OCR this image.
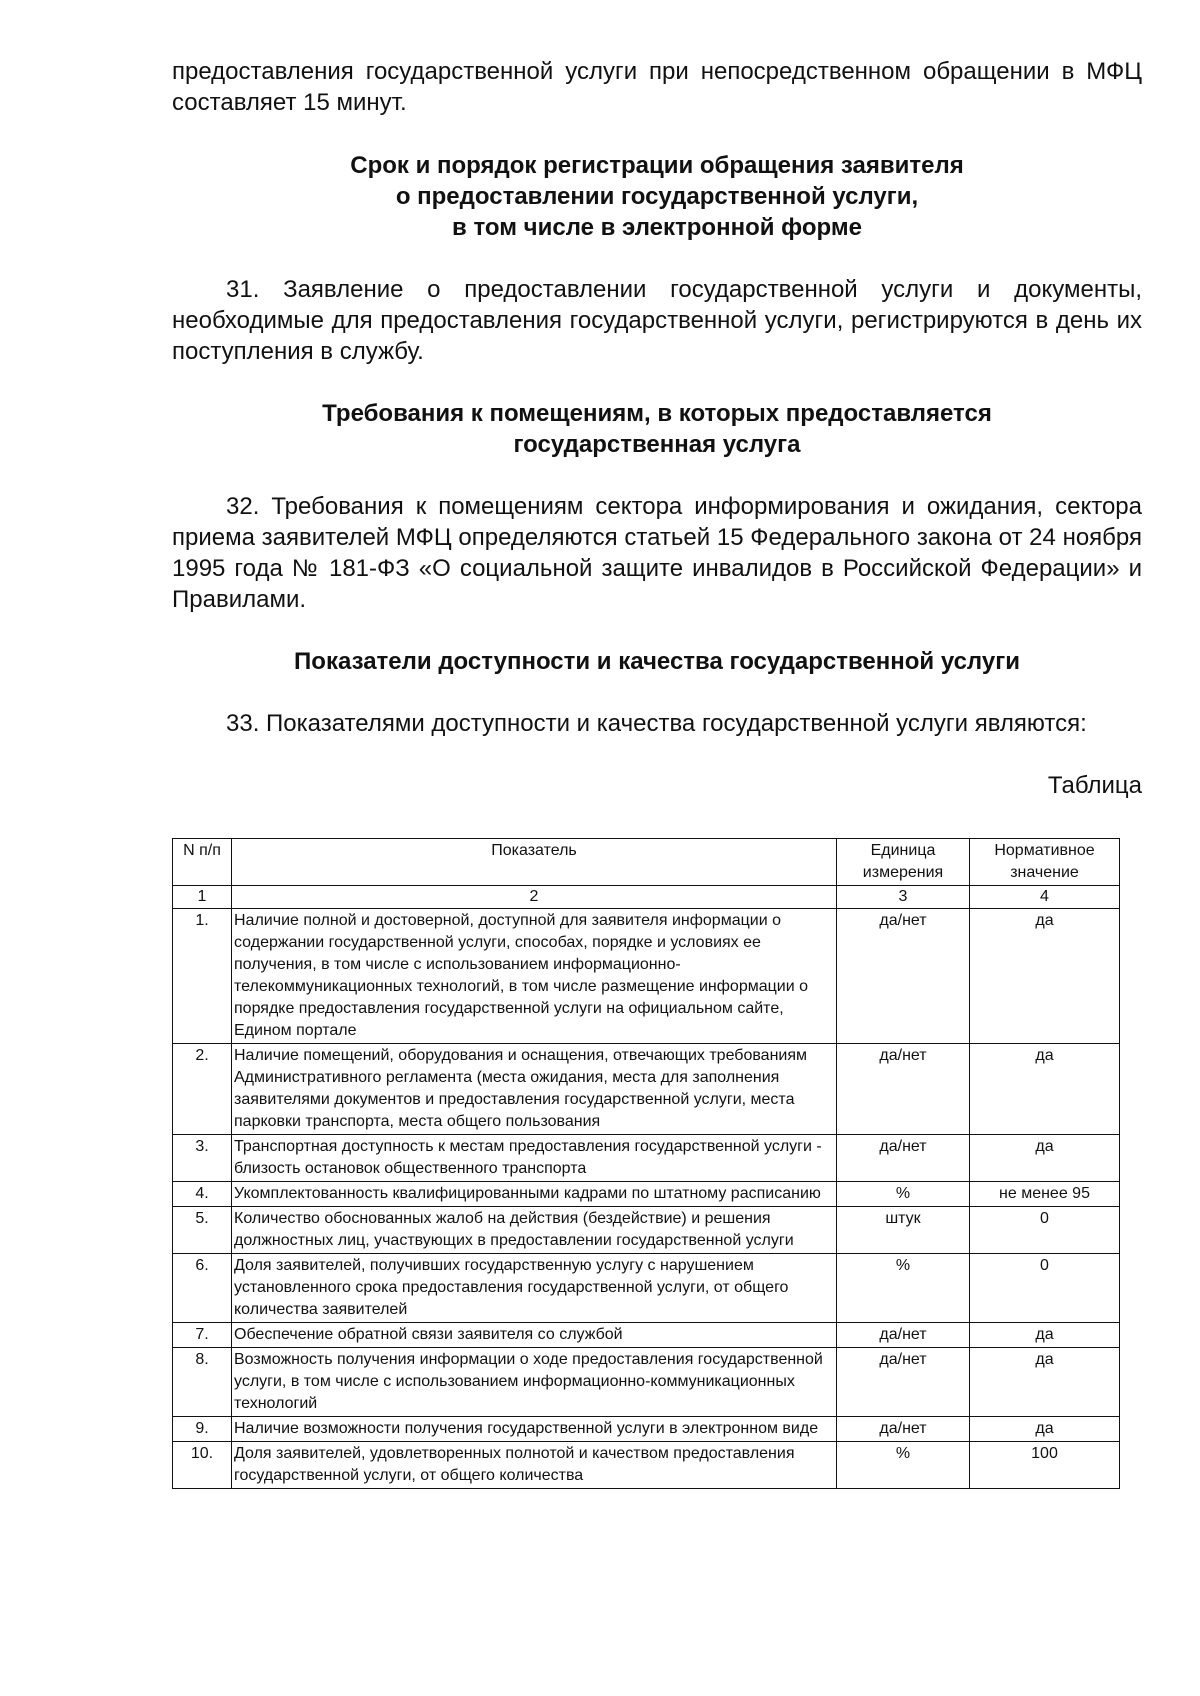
предоставления государственной услуги при непосредственном обращении в МФЦ составляет 15 минут.

Срок и порядок регистрации обращения заявителя
о предоставлении государственной услуги,
в том числе в электронной форме

31. Заявление о предоставлении государственной услуги и документы, необходимые для предоставления государственной услуги, регистрируются в день их поступления в службу.

Требования к помещениям, в которых предоставляется
государственная услуга

32. Требования к помещениям сектора информирования и ожидания, сектора приема заявителей МФЦ определяются статьей 15 Федерального закона от 24 ноября 1995 года № 181-ФЗ «О социальной защите инвалидов в Российской Федерации» и Правилами.

Показатели доступности и качества государственной услуги

33. Показателями доступности и качества государственной услуги являются:

Таблица

N п/п	Показатель	Единица измерения	Нормативное значение
1	2	3	4
1.	Наличие полной и достоверной, доступной для заявителя информации о содержании государственной услуги, способах, порядке и условиях ее получения, в том числе с использованием информационно-телекоммуникационных технологий, в том числе размещение информации о порядке предоставления государственной услуги на официальном сайте, Едином портале	да/нет	да
2.	Наличие помещений, оборудования и оснащения, отвечающих требованиям Административного регламента (места ожидания, места для заполнения заявителями документов и предоставления государственной услуги, места парковки транспорта, места общего пользования	да/нет	да
3.	Транспортная доступность к местам предоставления государственной услуги - близость остановок общественного транспорта	да/нет	да
4.	Укомплектованность квалифицированными кадрами по штатному расписанию	%	не менее 95
5.	Количество обоснованных жалоб на действия (бездействие) и решения должностных лиц, участвующих в предоставлении государственной услуги	штук	0
6.	Доля заявителей, получивших государственную услугу с нарушением установленного срока предоставления государственной услуги, от общего количества заявителей	%	0
7.	Обеспечение обратной связи заявителя со службой	да/нет	да
8.	Возможность получения информации о ходе предоставления государственной услуги, в том числе с использованием информационно-коммуникационных технологий	да/нет	да
9.	Наличие возможности получения государственной услуги в электронном виде	да/нет	да
10.	Доля заявителей, удовлетворенных полнотой и качеством предоставления государственной услуги, от общего количества	%	100
